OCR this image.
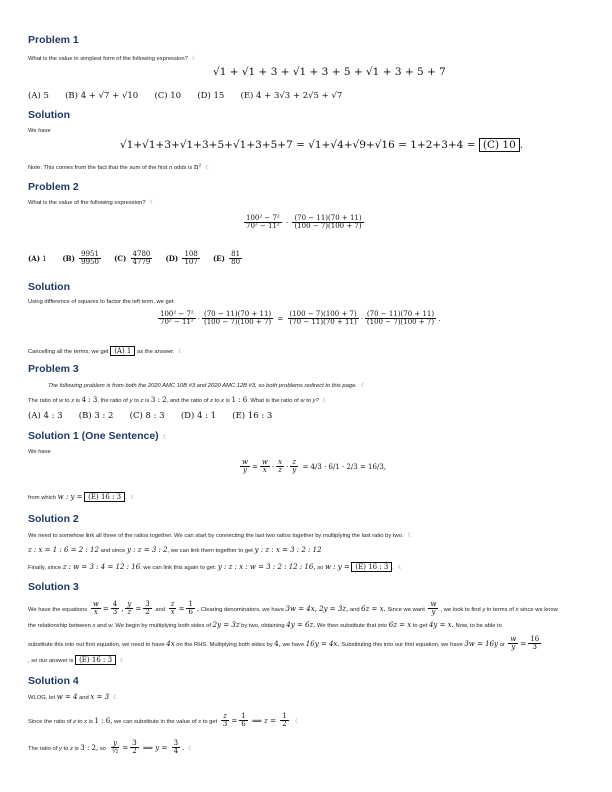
Problem 1
What is the value in simplest form of the following expression? ☾
√1 + √1 + 3 + √1 + 3 + 5 + √1 + 3 + 5 + 7
(A) 5 (B) 4 + √7 + √10 (C) 10 (D) 15 (E) 4 + 3√3 + 2√5 + √7
Solution
We have
√1+√1+3+√1+3+5+√1+3+5+7 = √1+√4+√9+√16 = 1+2+3+4 = (C) 10 .
Note: This comes from the fact that the sum of the first n odds is n² ☾
Problem 2
What is the value of the following expression? ☾
$\frac{\text{100² − 7²}}{\text{70² − 11²}} \cdot \frac{(70 - 11)(70 + 11)}{(100 - 7)(100 + 7)}$
(A) 1 $(B) \frac{9951}{9950} (C) \frac{4780}{4779} (D) \frac{108}{107} (E) \frac{81}{80}$
Solution
Using difference of squares to factor the left term, we get
$\frac{\text{100² − 7²}}{\text{70² − 11²}} \cdot \frac{(70 - 11)(70 + 11)}{(100 - 7)(100 + 7)} = \frac{(100 - 7)(100 + 7)}{(70 - 11)(70 + 11)} \cdot \frac{(70 - 11)(70 + 11)}{(100 - 7)(100 + 7)}$ .
Cancelling all the terms, we get (A) 1 as the answer. ☾
Problem 3
The following problem is from both the 2020 AMC 10B #3 and 2020 AMC 12B #3, so both problems redirect to this page. ☾
The ratio of w to x is 4 : 3, the ratio of y to z is 3 : 2, and the ratio of z to x is 1 : 6. What is the ratio of w to y? ☾
(A) 4 : 3 (B) 3 : 2 (C) 8 : 3 (D) 4 : 1 (E) 16 : 3
Solution 1 (One Sentence) ☾
We have
$\frac{w}{y} = \frac{w}{x} \cdot \frac{x}{z} \cdot \frac{z}{y} = 4/3 \cdot 6/1 \cdot 2/3 = 16/3$,
from which w : y = (E) 16 : 3 . ☾
Solution 2
We need to somehow link all three of the ratios together. We can start by connecting the last two ratios together by multiplying the last ratio by two. ☾
z : x = 1 : 6 = 2 : 12 and since y : z = 3 : 2, we can link them together to get y : z : x = 3 : 2 : 12
Finally, since z : w = 3 : 4 = 12 : 16, we can link this again to get: y : z : x : w = 3 : 2 : 12 : 16, so w : y = (E) 16 : 3 . ☾
Solution 3
We have the equations $\frac{w}{x} = \frac{4}{3}$ , $\frac{y}{z} = \frac{3}{2}$ and $\frac{z}{x} = \frac{1}{6}$ . Clearing denominators, we have 3w = 4x, 2y = 3z, and 6z = x. Since we want $\frac{w}{y}$ , we look to find y in terms of x since we know
the relationship between x and w. We begin by multiplying both sides of 2y = 3z by two, obtaining 4y = 6z. We then substitute that into 6z = x to get 4y = x. Now, to be able to
substitute this into out first equation, we need to have 4x on the RHS. Multiplying both sides by 4, we have 16y = 4x. Substituting this into our first equation, we have 3w = 16y or $\frac{w}{y} = \frac{16}{3}$
, so our answer is (E) 16 : 3 ☾
Solution 4
WLOG, let w = 4 and x = 3 ☾
Since the ratio of z to x is 1 : 6, we can substitute in the value of x to get $\frac{z}{3} = \frac{1}{6}$ ⟹ $z = \frac{1}{2}$ ☾
The ratio of y to z is 3 : 2, so $\frac{y}{\text{½}} = \frac{3}{2}$ ⟹ $y = \frac{3}{4}$ . ☾
